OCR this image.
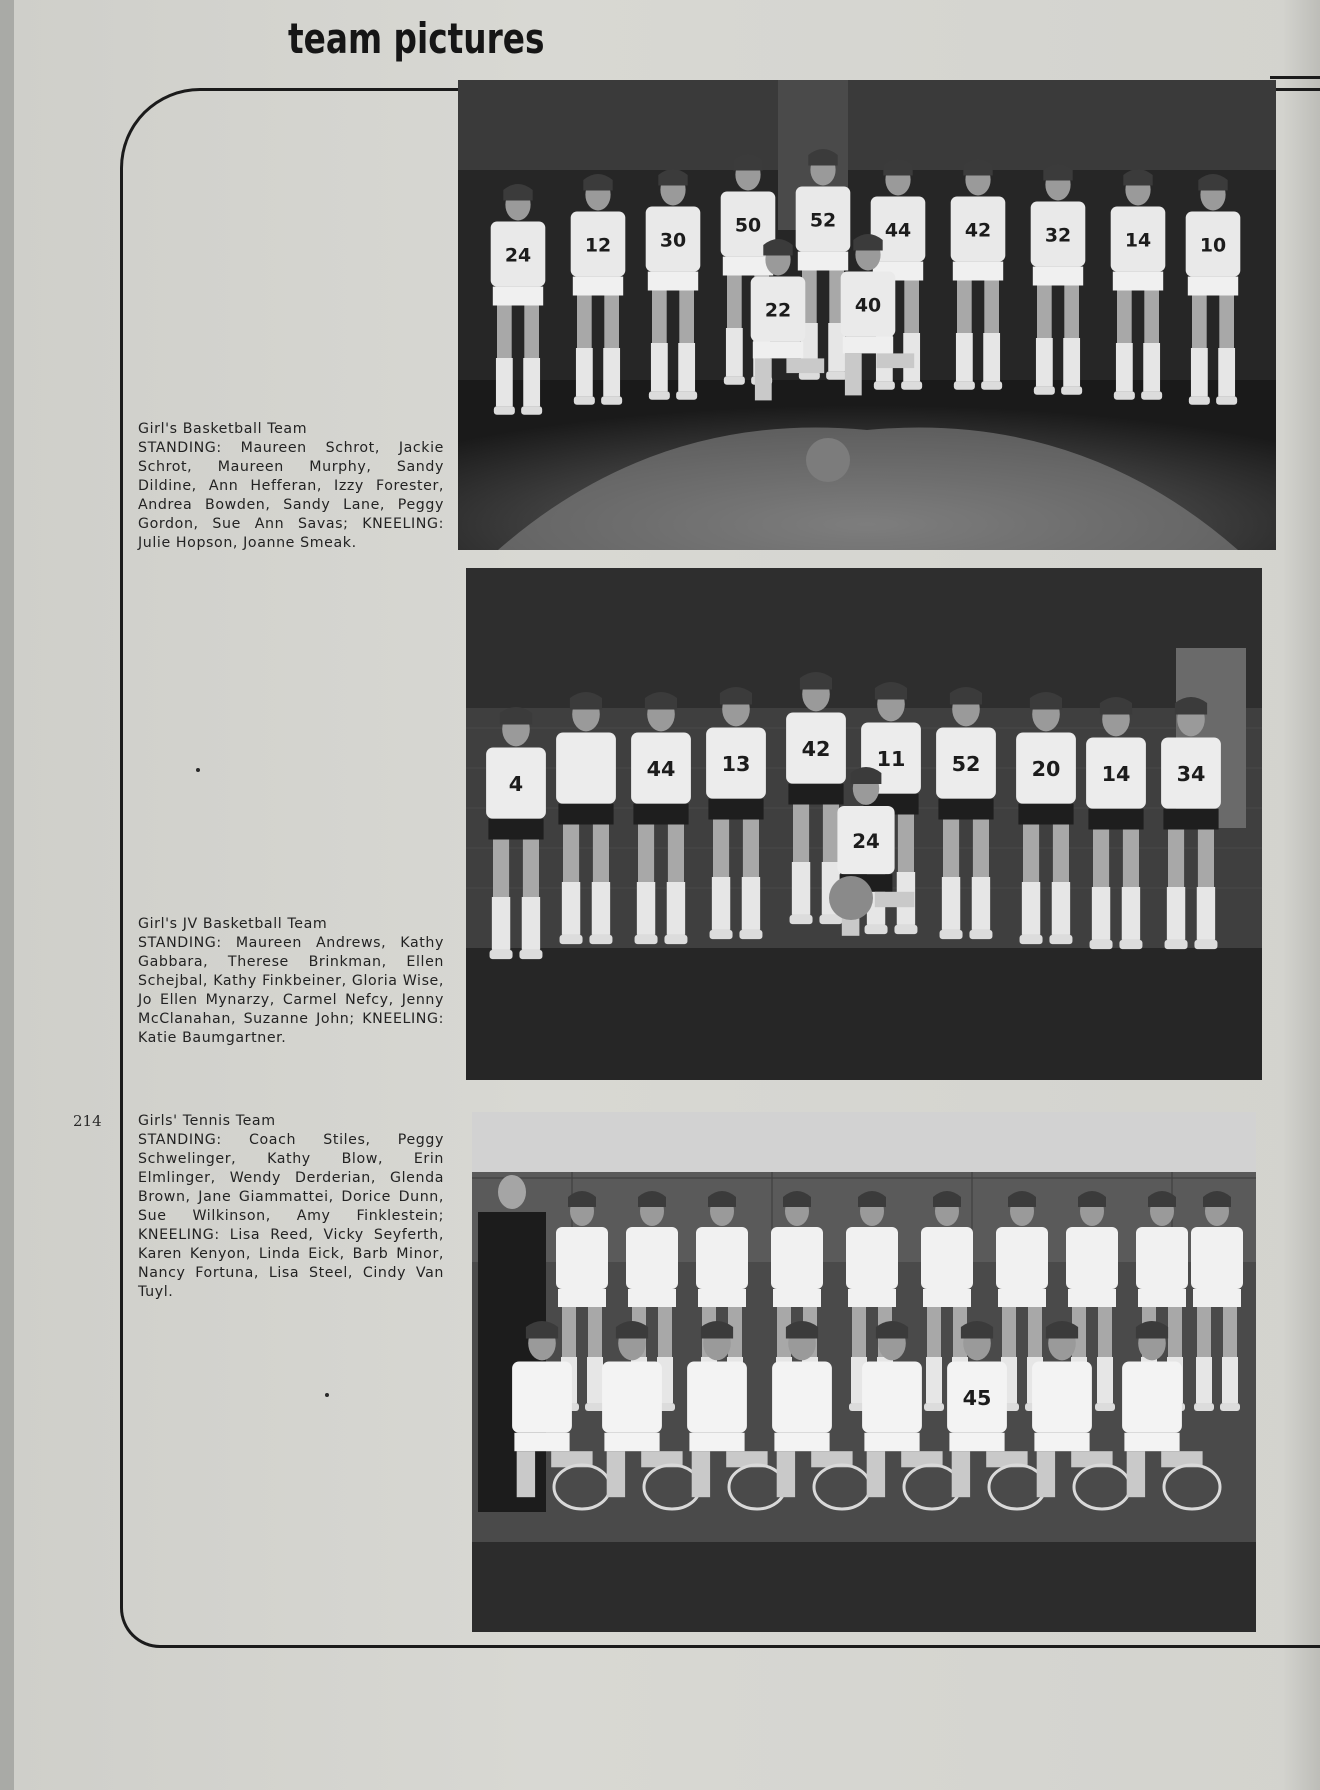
team pictures
214
Girl's Basketball Team
STANDING: Maureen Schrot, Jackie Schrot, Maureen Murphy, Sandy Dildine, Ann Hefferan, Izzy Forester, Andrea Bowden, Sandy Lane, Peggy Gordon, Sue Ann Savas; KNEELING: Julie Hopson, Joanne Smeak.
Girl's JV Basketball Team
STANDING: Maureen Andrews, Kathy Gabbara, Therese Brinkman, Ellen Schejbal, Kathy Finkbeiner, Gloria Wise, Jo Ellen Mynarzy, Carmel Nefcy, Jenny McClanahan, Suzanne John; KNEELING: Katie Baumgartner.
Girls' Tennis Team
STANDING: Coach Stiles, Peggy Schwelinger, Kathy Blow, Erin Elmlinger, Wendy Derderian, Glenda Brown, Jane Giammattei, Dorice Dunn, Sue Wilkinson, Amy Finklestein; KNEELING: Lisa Reed, Vicky Seyferth, Karen Kenyon, Linda Eick, Barb Minor, Nancy Fortuna, Lisa Steel, Cindy Van Tuyl.
24	12	30
50	52	44	42	32	14	10
22	40
4
44 13
42 11 52 20 14 34
24
45
